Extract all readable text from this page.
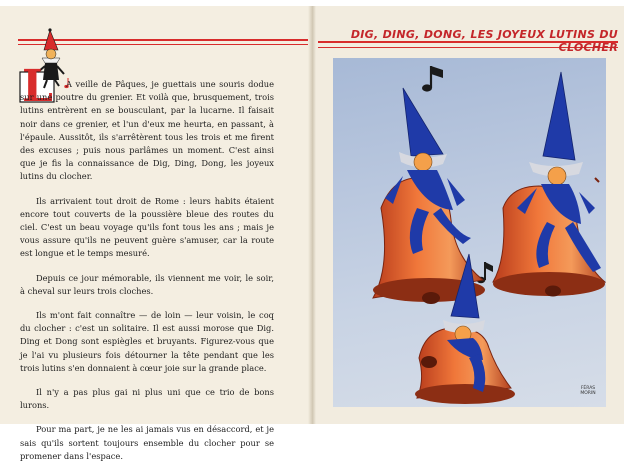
L	A veille de Pâques, je guettais une souris dodue sur une poutre du grenier. Et voilà que, brusquement, trois lutins entrèrent en se bousculant, par la lucarne. Il faisait noir dans ce grenier, et l'un d'eux me heurta, en passant, à l'épaule. Aussitôt, ils s'arrêtèrent tous les trois et me firent des excuses ; puis nous parlâmes un moment. C'est ainsi que je fis la connaissance de Dig, Ding, Dong, les joyeux lutins du clocher.

Ils arrivaient tout droit de Rome : leurs habits étaient encore tout couverts de la poussière bleue des routes du ciel. C'est un beau voyage qu'ils font tous les ans ; mais je vous assure qu'ils ne peuvent guère s'amuser, car la route est longue et le temps mesuré.

Depuis ce jour mémorable, ils viennent me voir, le soir, à cheval sur leurs trois cloches.

Ils m'ont fait connaître — de loin — leur voisin, le coq du clocher : c'est un solitaire. Il est aussi morose que Dig. Ding et Dong sont espiègles et bruyants. Figurez-vous que je l'ai vu plusieurs fois détourner la tête pendant que les trois lutins s'en donnaient à cœur joie sur la grande place.

Il n'y a pas plus gai ni plus uni que ce trio de bons lurons.

Pour ma part, je ne les ai jamais vus en désaccord, et je sais qu'ils sortent toujours ensemble du clocher pour se promener dans l'espace.

DIG, DING, DONG, LES JOYEUX LUTINS DU CLOCHER
FÉRAS MORIN
